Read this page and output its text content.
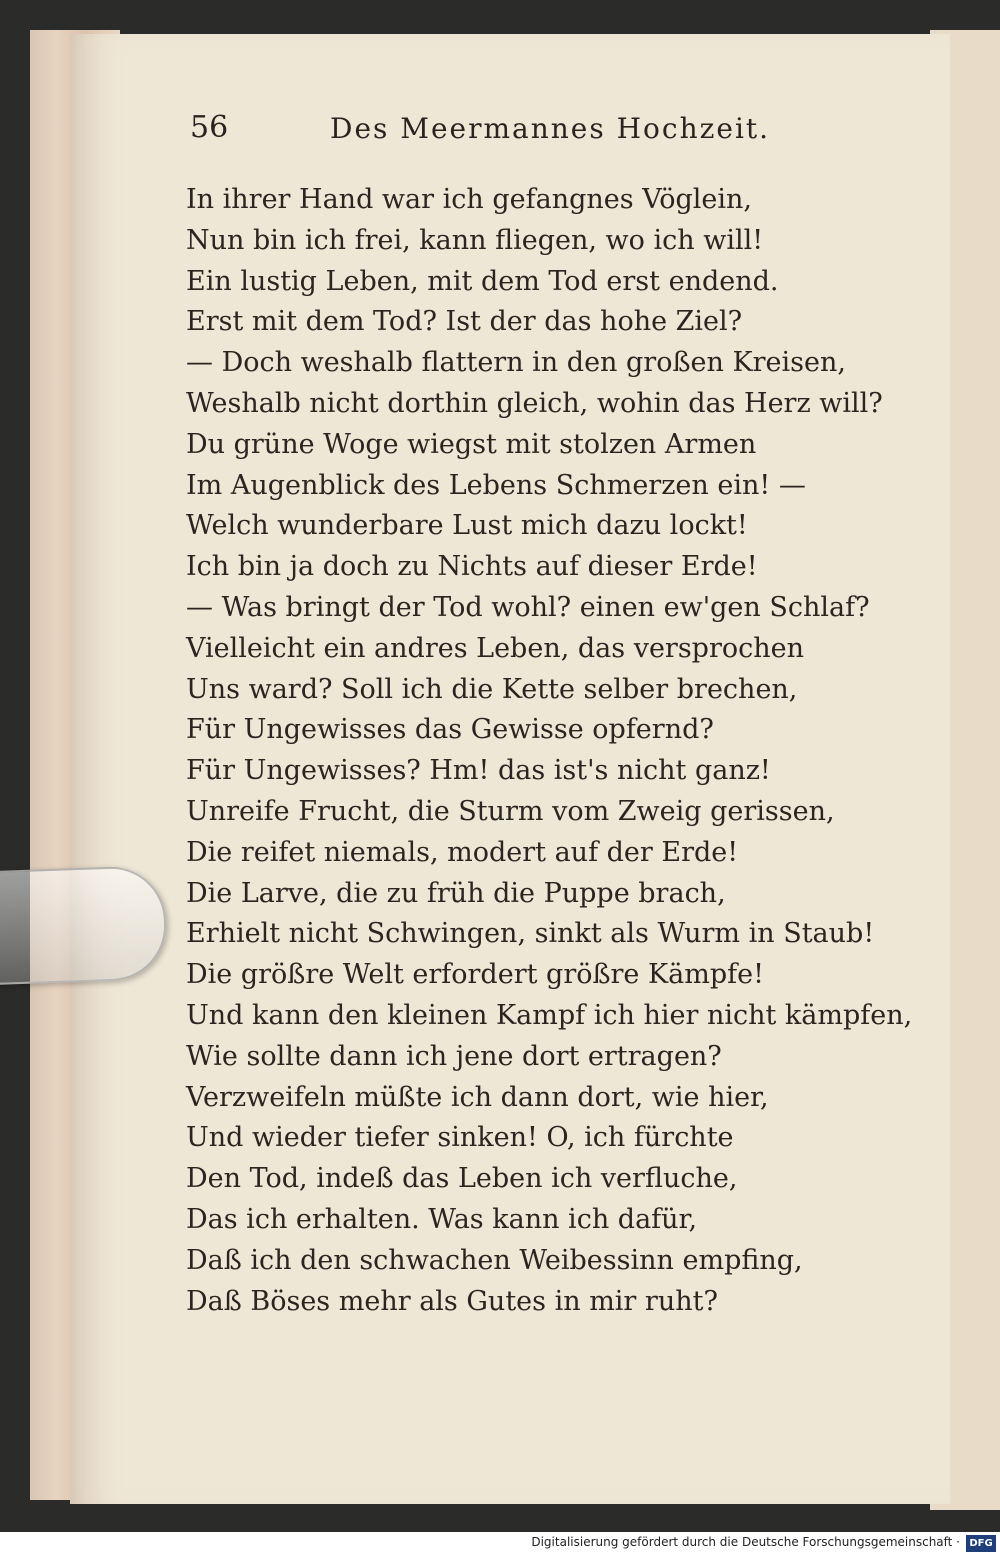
56	Des Meermannes Hochzeit.
In ihrer Hand war ich gefangnes Vöglein,
Nun bin ich frei, kann fliegen, wo ich will!
Ein lustig Leben, mit dem Tod erst endend.
Erst mit dem Tod? Ist der das hohe Ziel?
— Doch weshalb flattern in den großen Kreisen,
Weshalb nicht dorthin gleich, wohin das Herz will?
Du grüne Woge wiegst mit stolzen Armen
Im Augenblick des Lebens Schmerzen ein! —
Welch wunderbare Lust mich dazu lockt!
Ich bin ja doch zu Nichts auf dieser Erde!
— Was bringt der Tod wohl? einen ew'gen Schlaf?
Vielleicht ein andres Leben, das versprochen
Uns ward? Soll ich die Kette selber brechen,
Für Ungewisses das Gewisse opfernd?
Für Ungewisses? Hm! das ist's nicht ganz!
Unreife Frucht, die Sturm vom Zweig gerissen,
Die reifet niemals, modert auf der Erde!
Die Larve, die zu früh die Puppe brach,
Erhielt nicht Schwingen, sinkt als Wurm in Staub!
Die größre Welt erfordert größre Kämpfe!
Und kann den kleinen Kampf ich hier nicht kämpfen,
Wie sollte dann ich jene dort ertragen?
Verzweifeln müßte ich dann dort, wie hier,
Und wieder tiefer sinken! O, ich fürchte
Den Tod, indeß das Leben ich verfluche,
Das ich erhalten. Was kann ich dafür,
Daß ich den schwachen Weibessinn empfing,
Daß Böses mehr als Gutes in mir ruht?
Digitalisierung gefördert durch die Deutsche Forschungsgemeinschaft · DFG
